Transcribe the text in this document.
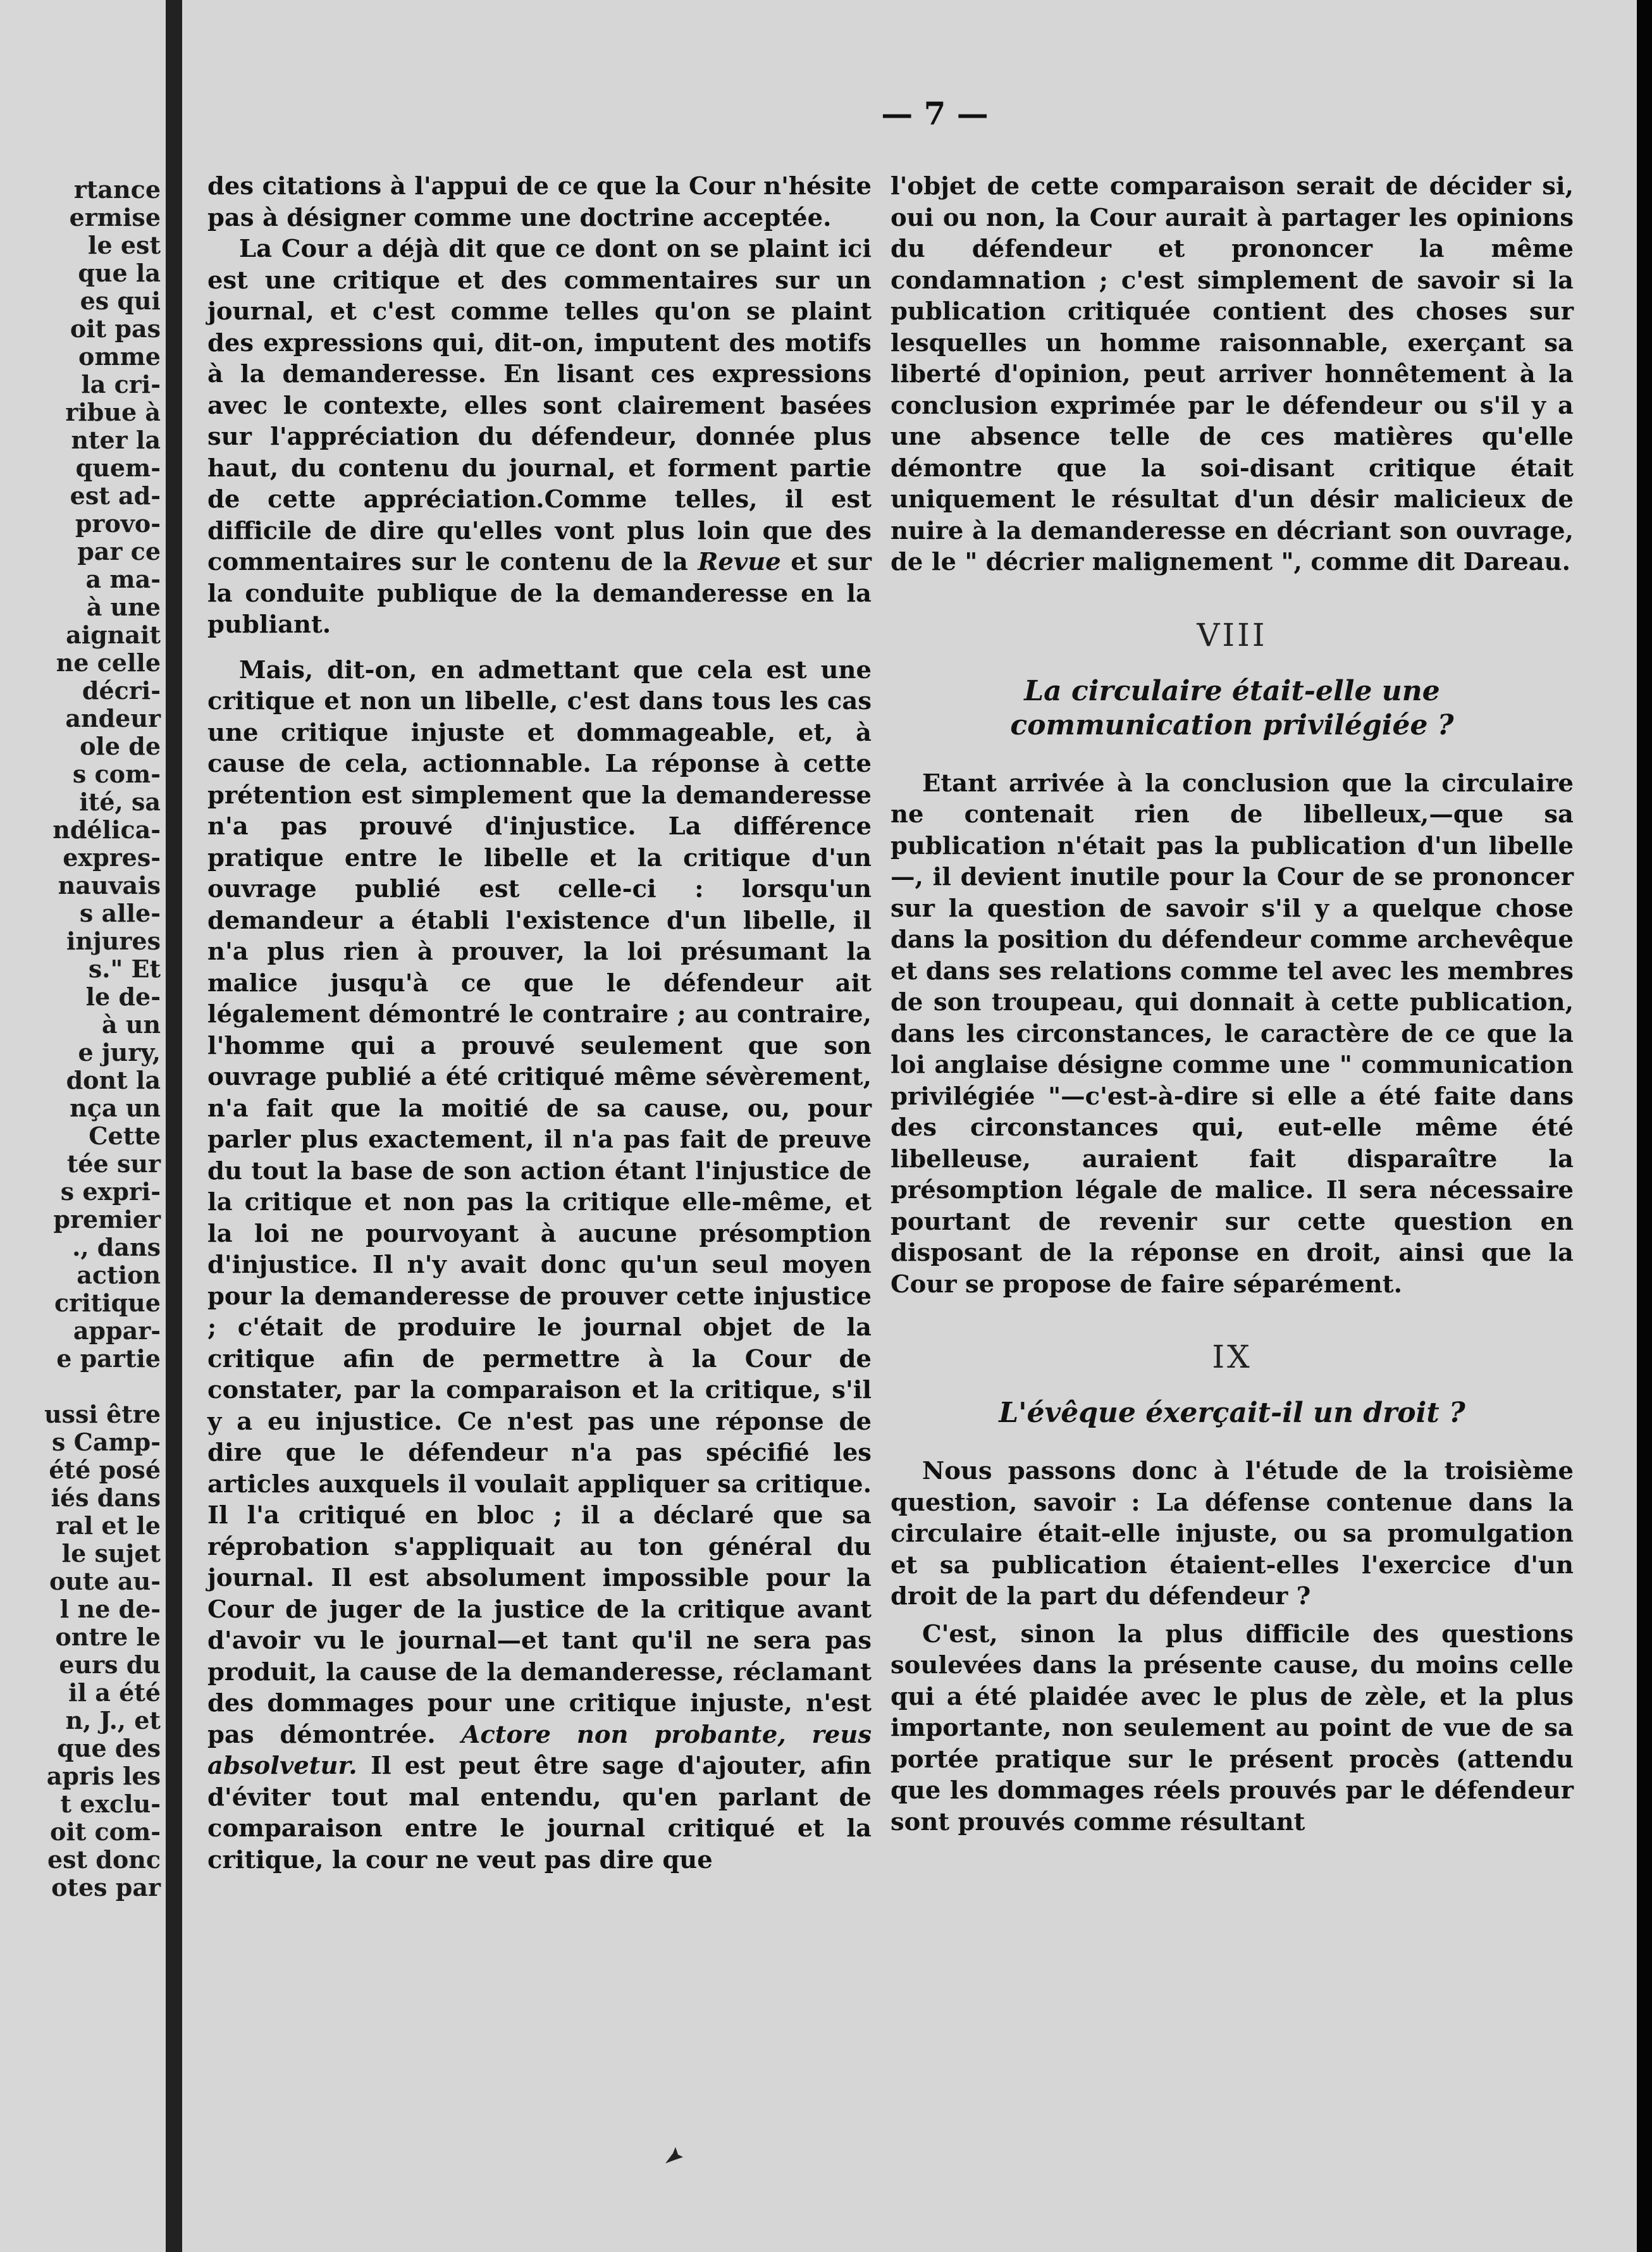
rtance
ermise
le est
que la
es qui
oit pas
omme
la cri-
ribue à
nter la
quem-
est ad-
provo-
par ce
a ma-
à une
aignait
ne celle
décri-
andeur
ole de
s com-
ité, sa
ndélica-
expres-
nauvais
s alle-
injures
s." Et
le de-
à un
e jury,
dont la
nça un
Cette
tée sur
s expri-
premier
., dans
action
critique
appar-
e partie

ussi être
s Camp-
été posé
iés dans
ral et le
le sujet
oute au-
l ne de-
ontre le
eurs du
il a été
n, J., et
que des
apris les
t exclu-
oit com-
est donc
otes par
— 7 —

des citations à l'appui de ce que la Cour n'hésite pas à désigner comme une doctrine acceptée.

La Cour a déjà dit que ce dont on se plaint ici est une critique et des commentaires sur un journal, et c'est comme telles qu'on se plaint des expressions qui, dit-on, imputent des motifs à la demanderesse. En lisant ces expressions avec le contexte, elles sont clairement basées sur l'appréciation du défendeur, donnée plus haut, du contenu du journal, et forment partie de cette appréciation.Comme telles, il est difficile de dire qu'elles vont plus loin que des commentaires sur le contenu de la Revue et sur la conduite publique de la demanderesse en la publiant.

Mais, dit-on, en admettant que cela est une critique et non un libelle, c'est dans tous les cas une critique injuste et dommageable, et, à cause de cela, actionnable. La réponse à cette prétention est simplement que la demanderesse n'a pas prouvé d'injustice. La différence pratique entre le libelle et la critique d'un ouvrage publié est celle-ci : lorsqu'un demandeur a établi l'existence d'un libelle, il n'a plus rien à prouver, la loi présumant la malice jusqu'à ce que le défendeur ait légalement démontré le contraire ; au contraire, l'homme qui a prouvé seulement que son ouvrage publié a été critiqué même sévèrement, n'a fait que la moitié de sa cause, ou, pour parler plus exactement, il n'a pas fait de preuve du tout la base de son action étant l'injustice de la critique et non pas la critique elle-même, et la loi ne pourvoyant à aucune présomption d'injustice. Il n'y avait donc qu'un seul moyen pour la demanderesse de prouver cette injustice ; c'était de produire le journal objet de la critique afin de permettre à la Cour de constater, par la comparaison et la critique, s'il y a eu injustice. Ce n'est pas une réponse de dire que le défendeur n'a pas spécifié les articles auxquels il voulait appliquer sa critique. Il l'a critiqué en bloc ; il a déclaré que sa réprobation s'appliquait au ton général du journal. Il est absolument impossible pour la Cour de juger de la justice de la critique avant d'avoir vu le journal—et tant qu'il ne sera pas produit, la cause de la demanderesse, réclamant des dommages pour une critique injuste, n'est pas démontrée. Actore non probante, reus absolvetur. Il est peut être sage d'ajouter, afin d'éviter tout mal entendu, qu'en parlant de comparaison entre le journal critiqué et la critique, la cour ne veut pas dire que

l'objet de cette comparaison serait de décider si, oui ou non, la Cour aurait à partager les opinions du défendeur et prononcer la même condamnation ; c'est simplement de savoir si la publication critiquée contient des choses sur lesquelles un homme raisonnable, exerçant sa liberté d'opinion, peut arriver honnêtement à la conclusion exprimée par le défendeur ou s'il y a une absence telle de ces matières qu'elle démontre que la soi-disant critique était uniquement le résultat d'un désir malicieux de nuire à la demanderesse en décriant son ouvrage, de le " décrier malignement ", comme dit Dareau.

VIII
La circulaire était-elle une communication privilégiée ?

Etant arrivée à la conclusion que la circulaire ne contenait rien de libelleux,—que sa publication n'était pas la publication d'un libelle—, il devient inutile pour la Cour de se prononcer sur la question de savoir s'il y a quelque chose dans la position du défendeur comme archevêque et dans ses relations comme tel avec les membres de son troupeau, qui donnait à cette publication, dans les circonstances, le caractère de ce que la loi anglaise désigne comme une " communication privilégiée "—c'est-à-dire si elle a été faite dans des circonstances qui, eut-elle même été libelleuse, auraient fait disparaître la présomption légale de malice. Il sera nécessaire pourtant de revenir sur cette question en disposant de la réponse en droit, ainsi que la Cour se propose de faire séparément.

IX
L'évêque éxerçait-il un droit ?

Nous passons donc à l'étude de la troisième question, savoir : La défense contenue dans la circulaire était-elle injuste, ou sa promulgation et sa publication étaient-elles l'exercice d'un droit de la part du défendeur ?

C'est, sinon la plus difficile des questions soulevées dans la présente cause, du moins celle qui a été plaidée avec le plus de zèle, et la plus importante, non seulement au point de vue de sa portée pratique sur le présent procès (attendu que les dommages réels prouvés par le défendeur sont prouvés comme résultant
